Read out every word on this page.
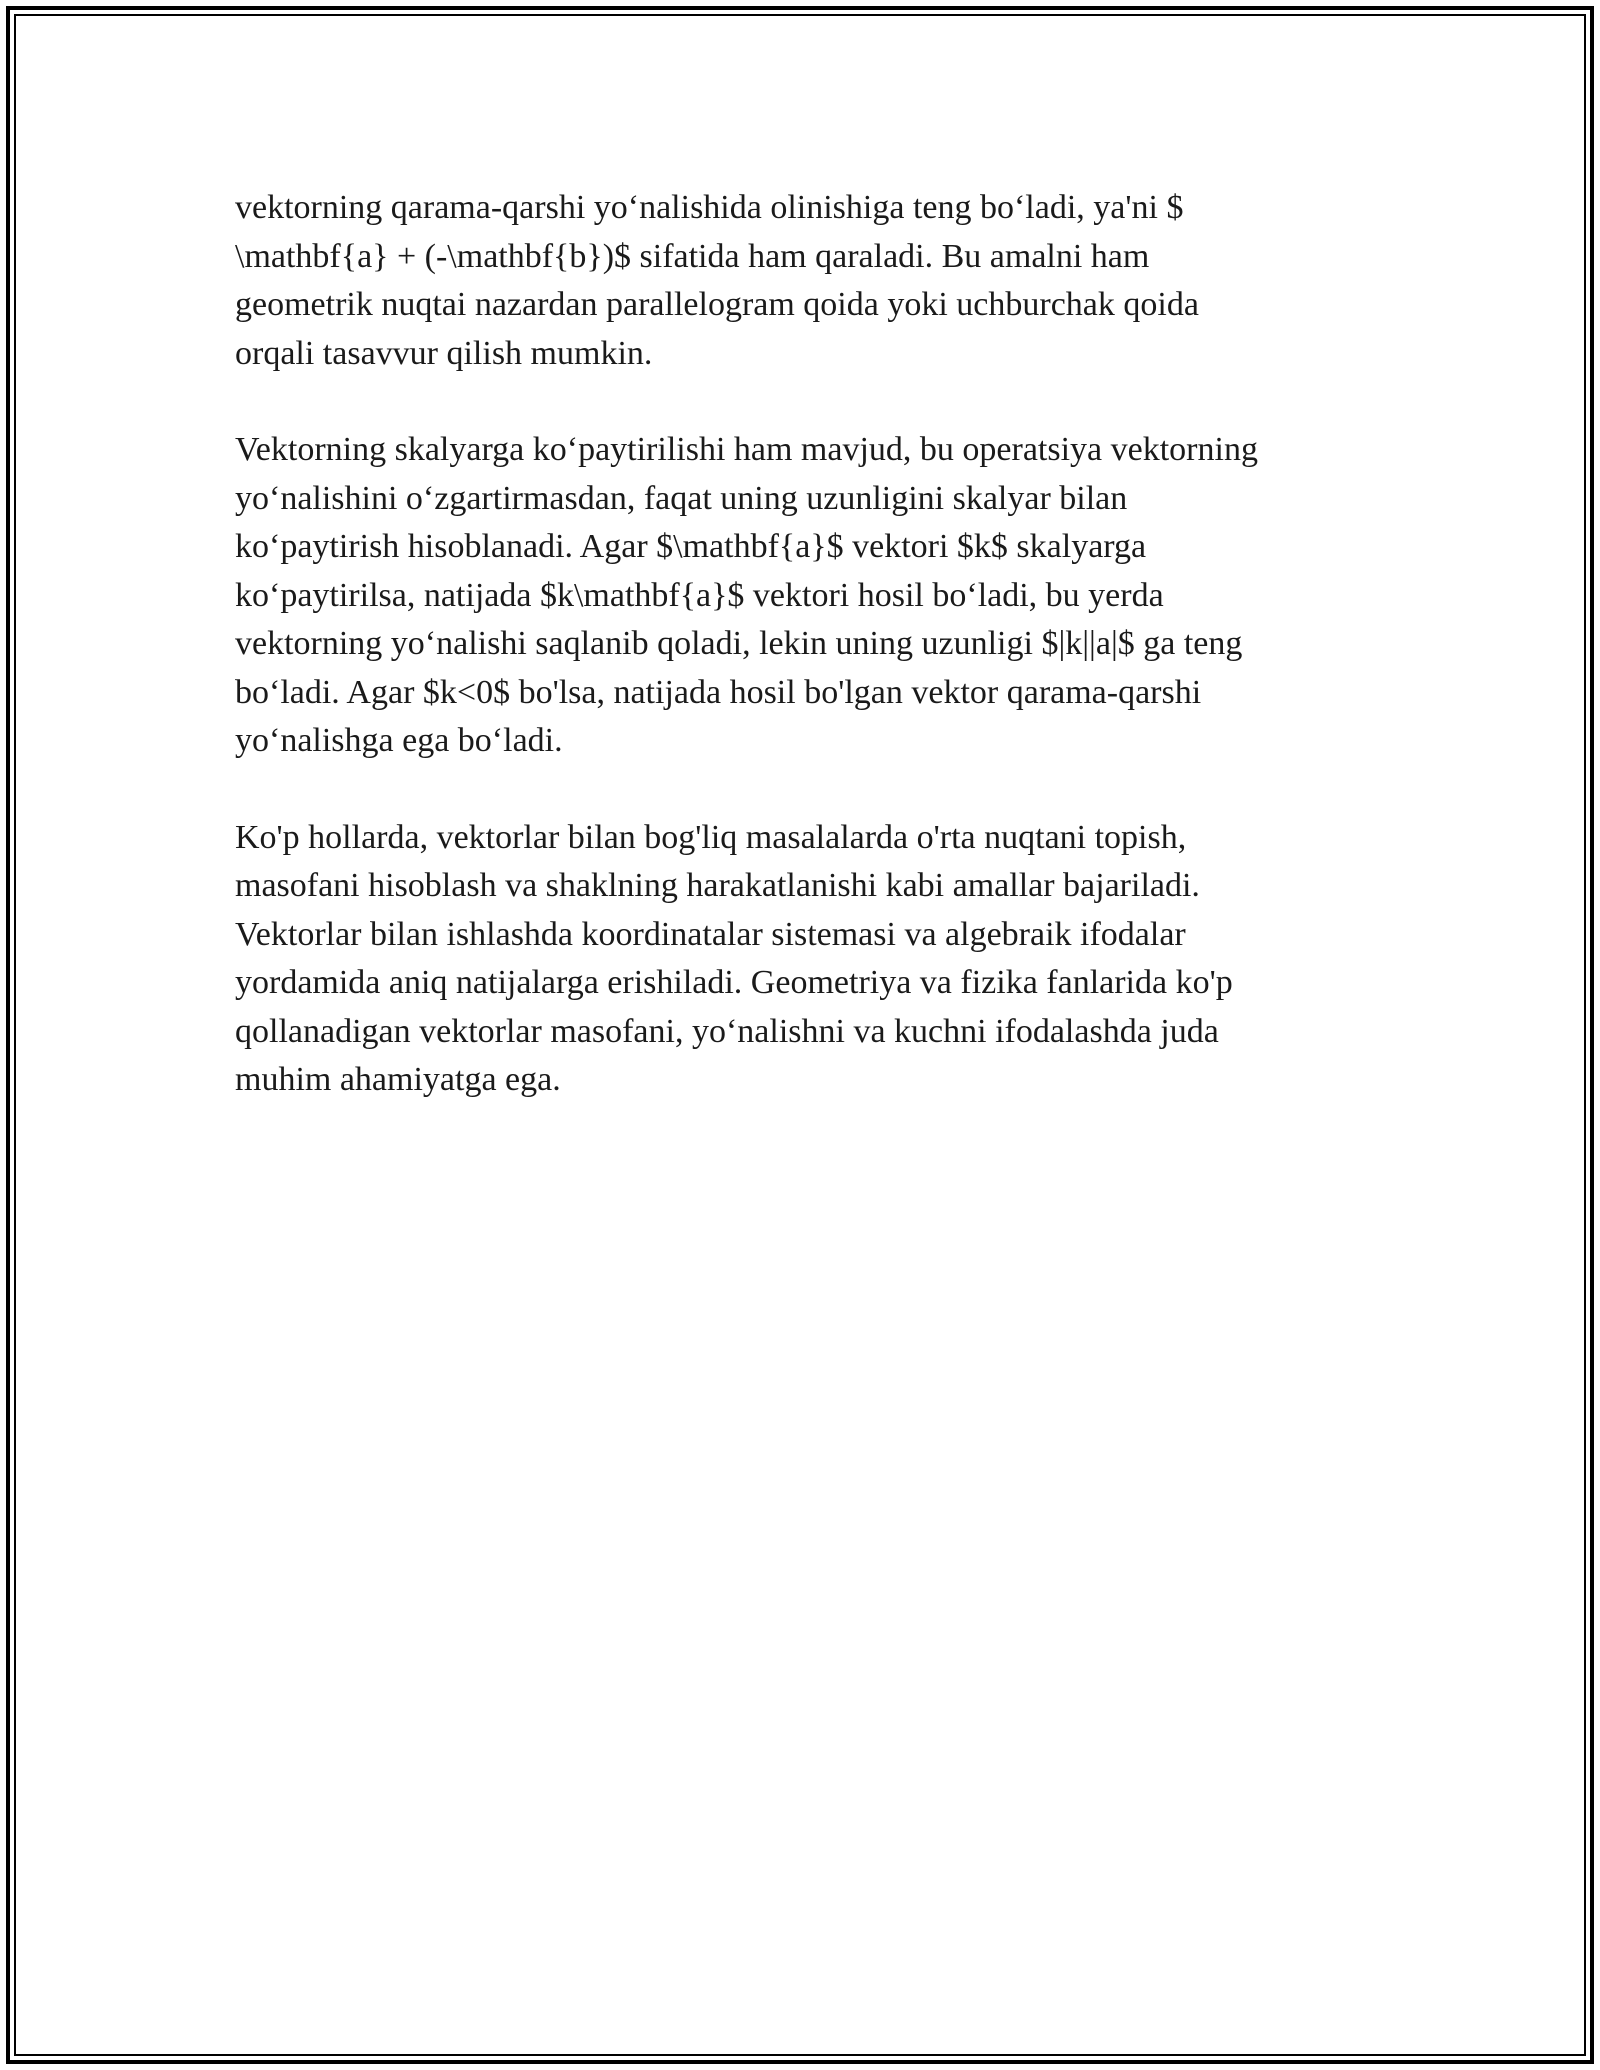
vektorning qarama-qarshi yo‘nalishida olinishiga teng bo‘ladi, ya'ni $
\mathbf{a} + (-\mathbf{b})$ sifatida ham qaraladi. Bu amalni ham
geometrik nuqtai nazardan parallelogram qoida yoki uchburchak qoida
orqali tasavvur qilish mumkin.

Vektorning skalyarga ko‘paytirilishi ham mavjud, bu operatsiya vektorning
yo‘nalishini o‘zgartirmasdan, faqat uning uzunligini skalyar bilan
ko‘paytirish hisoblanadi. Agar $\mathbf{a}$ vektori $k$ skalyarga
ko‘paytirilsa, natijada $k\mathbf{a}$ vektori hosil bo‘ladi, bu yerda
vektorning yo‘nalishi saqlanib qoladi, lekin uning uzunligi $|k||a|$ ga teng
bo‘ladi. Agar $k<0$ bo'lsa, natijada hosil bo'lgan vektor qarama-qarshi
yo‘nalishga ega bo‘ladi.

Ko'p hollarda, vektorlar bilan bog'liq masalalarda o'rta nuqtani topish,
masofani hisoblash va shaklning harakatlanishi kabi amallar bajariladi.
Vektorlar bilan ishlashda koordinatalar sistemasi va algebraik ifodalar
yordamida aniq natijalarga erishiladi. Geometriya va fizika fanlarida ko'p
qollanadigan vektorlar masofani, yo‘nalishni va kuchni ifodalashda juda
muhim ahamiyatga ega.
